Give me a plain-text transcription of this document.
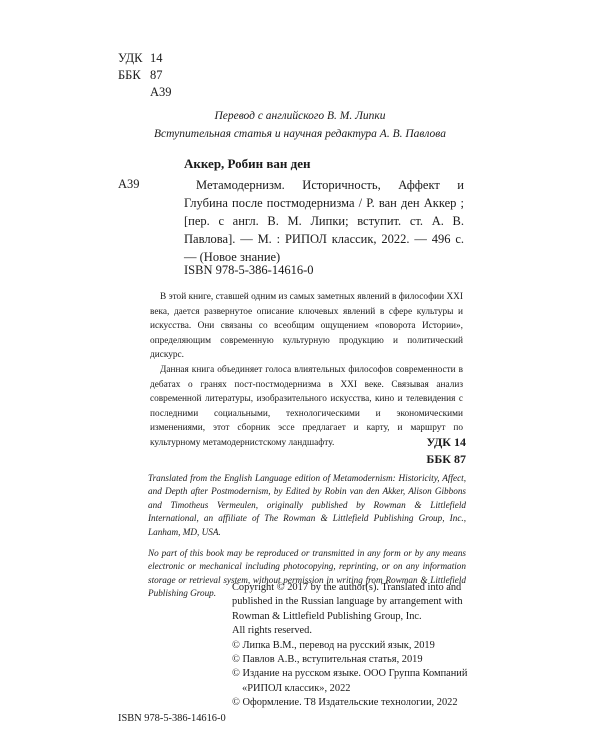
УДК 14
ББК 87
А39
Перевод с английского В. М. Липки
Вступительная статья и научная редактура А. В. Павлова
Аккер, Робин ван ден
А39	Метамодернизм. Историчность, Аффект и Глубина после постмодернизма / Р. ван ден Аккер ; [пер. с англ. В. М. Липки; вступит. ст. А. В. Павлова]. — М. : РИПОЛ классик, 2022. — 496 с. — (Новое знание)
ISBN 978-5-386-14616-0

В этой книге, ставшей одним из самых заметных явлений в философии XXI века, дается развернутое описание ключевых явлений в сфере культуры и искусства. Они связаны со всеобщим ощущением «поворота Истории», определяющим современную культурную продукцию и политический дискурс.

Данная книга объединяет голоса влиятельных философов современности в дебатах о гранях пост-постмодернизма в XXI веке. Связывая анализ современной литературы, изобразительного искусства, кино и телевидения с последними социальными, технологическими и экономическими изменениями, этот сборник эссе предлагает и карту, и маршрут по культурному метамодернистскому ландшафту.	УДК 14
ББК 87

Translated from the English Language edition of Metamodernism: Historicity, Affect, and Depth after Postmodernism, by Edited by Robin van den Akker, Alison Gibbons and Timotheus Vermeulen, originally published by Rowman & Littlefield International, an affiliate of The Rowman & Littlefield Publishing Group, Inc., Lanham, MD, USA.

No part of this book may be reproduced or transmitted in any form or by any means electronic or mechanical including photocopying, reprinting, or on any information storage or retrieval system, without permission in writing from Rowman & Littlefield Publishing Group.

Copyright © 2017 by the author(s). Translated into and
published in the Russian language by arrangement with
Rowman & Littlefield Publishing Group, Inc.
All rights reserved.
© Липка В.М., перевод на русский язык, 2019
© Павлов А.В., вступительная статья, 2019
© Издание на русском языке. ООО Группа Компаний
«РИПОЛ классик», 2022
© Оформление. Т8 Издательские технологии, 2022
ISBN 978-5-386-14616-0
